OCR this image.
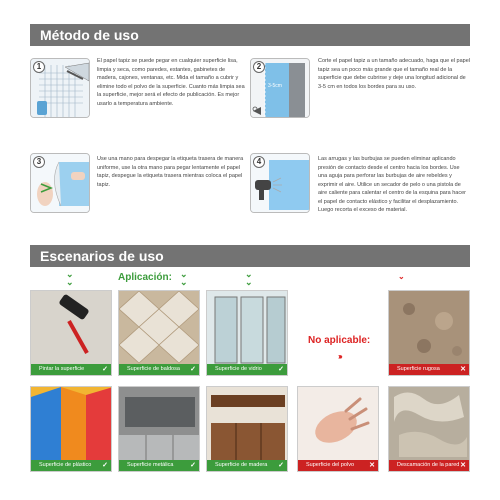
Método de uso
1
El papel tapiz se puede pegar en cualquier superficie lisa, limpia y seca, como paredes, estantes, gabinetes de madera, cajones, ventanas, etc. Mida el tamaño a cubrir y elimine todo el polvo de la superficie. Cuanto más limpia sea la superficie, mejor será el efecto de publicación. Es mejor usarlo a temperatura ambiente.
3-5cm
2
Corte el papel tapiz a un tamaño adecuado, haga que el papel tapiz sea un poco más grande que el tamaño real de la superficie que debe cubrirse y deje una longitud adicional de 3-5 cm en todos los bordes para su uso.
3	Use una mano para despegar la etiqueta trasera de manera uniforme, use la otra mano para pegar lentamente el papel tapiz, despegue la etiqueta trasera mientras coloca el papel tapiz.
4	Las arrugas y las burbujas se pueden eliminar aplicando presión de contacto desde el centro hacia los bordes. Use una aguja para perforar las burbujas de aire rebeldes y exprimir el aire. Utilice un secador de pelo o una pistola de aire caliente para calentar el centro de la esquina para hacer el papel de contacto elástico y facilitar el desplazamiento. Luego recorta el exceso de material.
Escenarios de uso
⌄
⌄
⌄
⌄
⌄
⌄
Aplicación:
No aplicable:
››››
⌄
Pintar la superficie	✓	Superficie de baldosa ✓	Superficie de vidrio ✓	Superficie rugosa	✕
Superficie de plástico ✓	Superficie metálica ✓	Superficie de madera ✓	Superficie del polvo ✕	Descamación de la pared ✕
